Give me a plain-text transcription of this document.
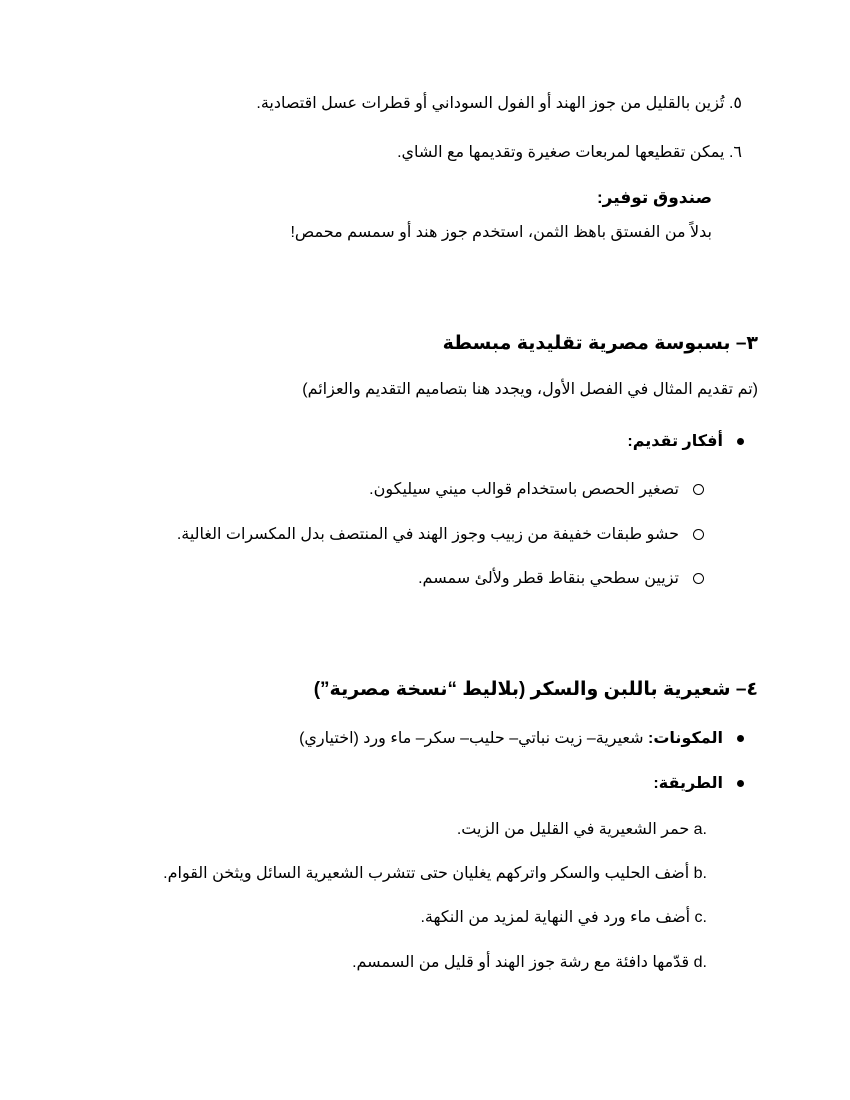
٥. تُزين بالقليل من جوز الهند أو الفول السوداني أو قطرات عسل اقتصادية.
٦. يمكن تقطيعها لمربعات صغيرة وتقديمها مع الشاي.
صندوق توفير:
بدلاً من الفستق باهظ الثمن، استخدم جوز هند أو سمسم محمص!
٣– بسبوسة مصرية تقليدية مبسطة
(تم تقديم المثال في الفصل الأول، ويجدد هنا بتصاميم التقديم والعزائم)
أفكار تقديم:
تصغير الحصص باستخدام قوالب ميني سيليكون.
حشو طبقات خفيفة من زبيب وجوز الهند في المنتصف بدل المكسرات الغالية.
تزيين سطحي بنقاط قطر ولألئ سمسم.
٤– شعيرية باللبن والسكر (بلاليط “نسخة مصرية”)
المكونات: شعيرية– زيت نباتي– حليب– سكر– ماء ورد (اختياري)
الطريقة:
a. حمر الشعيرية في القليل من الزيت.
b. أضف الحليب والسكر واتركهم يغليان حتى تتشرب الشعيرية السائل ويثخن القوام.
c. أضف ماء ورد في النهاية لمزيد من النكهة.
d. قدّمها دافئة مع رشة جوز الهند أو قليل من السمسم.
